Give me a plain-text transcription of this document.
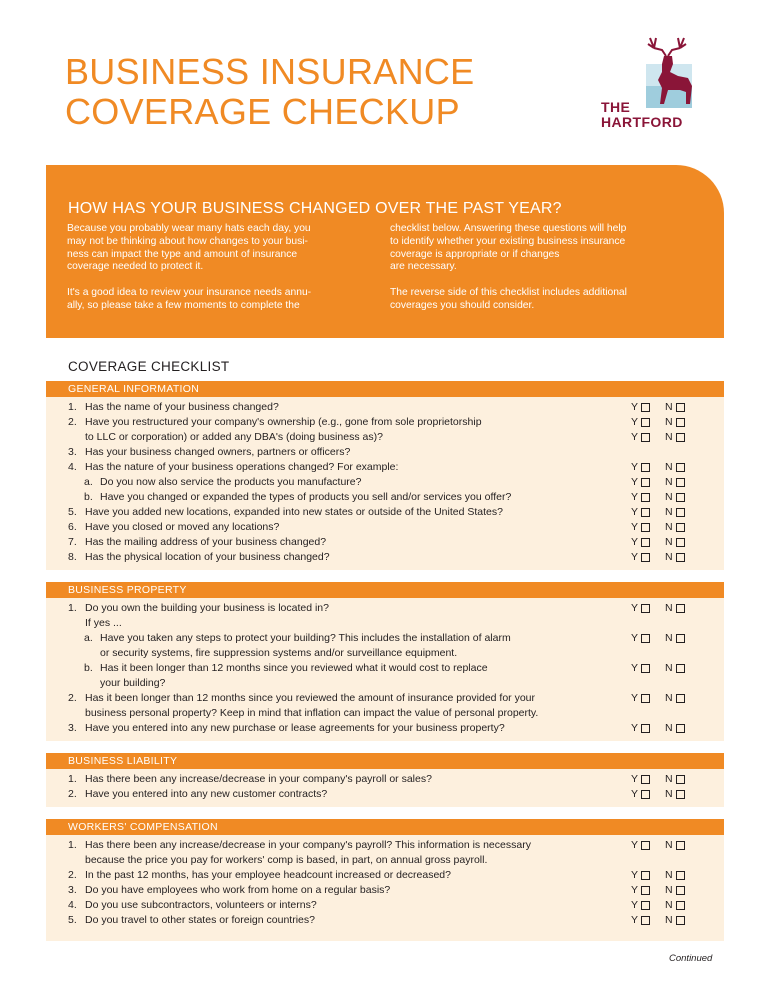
BUSINESS INSURANCE
COVERAGE CHECKUP	THE
HARTFORD
HOW HAS YOUR BUSINESS CHANGED OVER THE PAST YEAR?

Because you probably wear many hats each day, you
may not be thinking about how changes to your busi-
ness can impact the type and amount of insurance
coverage needed to protect it.

It's a good idea to review your insurance needs annu-
ally, so please take a few moments to complete the

checklist below. Answering these questions will help
to identify whether your existing business insurance
coverage is appropriate or if changes
are necessary.

The reverse side of this checklist includes additional
coverages you should consider.

COVERAGE CHECKLIST
GENERAL INFORMATION
1. Has the name of your business changed?	Y	N
2. Have you restructured your company's ownership (e.g., gone from sole proprietorship	Y	N
to LLC or corporation) or added any DBA's (doing business as)?	Y	N
3. Has your business changed owners, partners or officers?
4. Has the nature of your business operations changed? For example:	Y	N
a. Do you now also service the products you manufacture?	Y	N
b. Have you changed or expanded the types of products you sell and/or services you offer?	Y	N
5. Have you added new locations, expanded into new states or outside of the United States?	Y	N
6. Have you closed or moved any locations?	Y	N
7. Has the mailing address of your business changed?	Y	N
8. Has the physical location of your business changed?	Y	N
BUSINESS PROPERTY
1. Do you own the building your business is located in?	Y	N
If yes ...
a. Have you taken any steps to protect your building? This includes the installation of alarm	Y	N
or security systems, fire suppression systems and/or surveillance equipment.
b. Has it been longer than 12 months since you reviewed what it would cost to replace	Y	N
your building?
2. Has it been longer than 12 months since you reviewed the amount of insurance provided for your	Y	N
business personal property? Keep in mind that inflation can impact the value of personal property.
3. Have you entered into any new purchase or lease agreements for your business property?	Y	N
BUSINESS LIABILITY
1. Has there been any increase/decrease in your company's payroll or sales?	Y	N
2. Have you entered into any new customer contracts?	Y	N
WORKERS' COMPENSATION
1. Has there been any increase/decrease in your company's payroll? This information is necessary	Y	N
because the price you pay for workers' comp is based, in part, on annual gross payroll.
2. In the past 12 months, has your employee headcount increased or decreased?	Y	N
3. Do you have employees who work from home on a regular basis?	Y	N
4. Do you use subcontractors, volunteers or interns?	Y	N
5. Do you travel to other states or foreign countries?	Y	N
Continued
